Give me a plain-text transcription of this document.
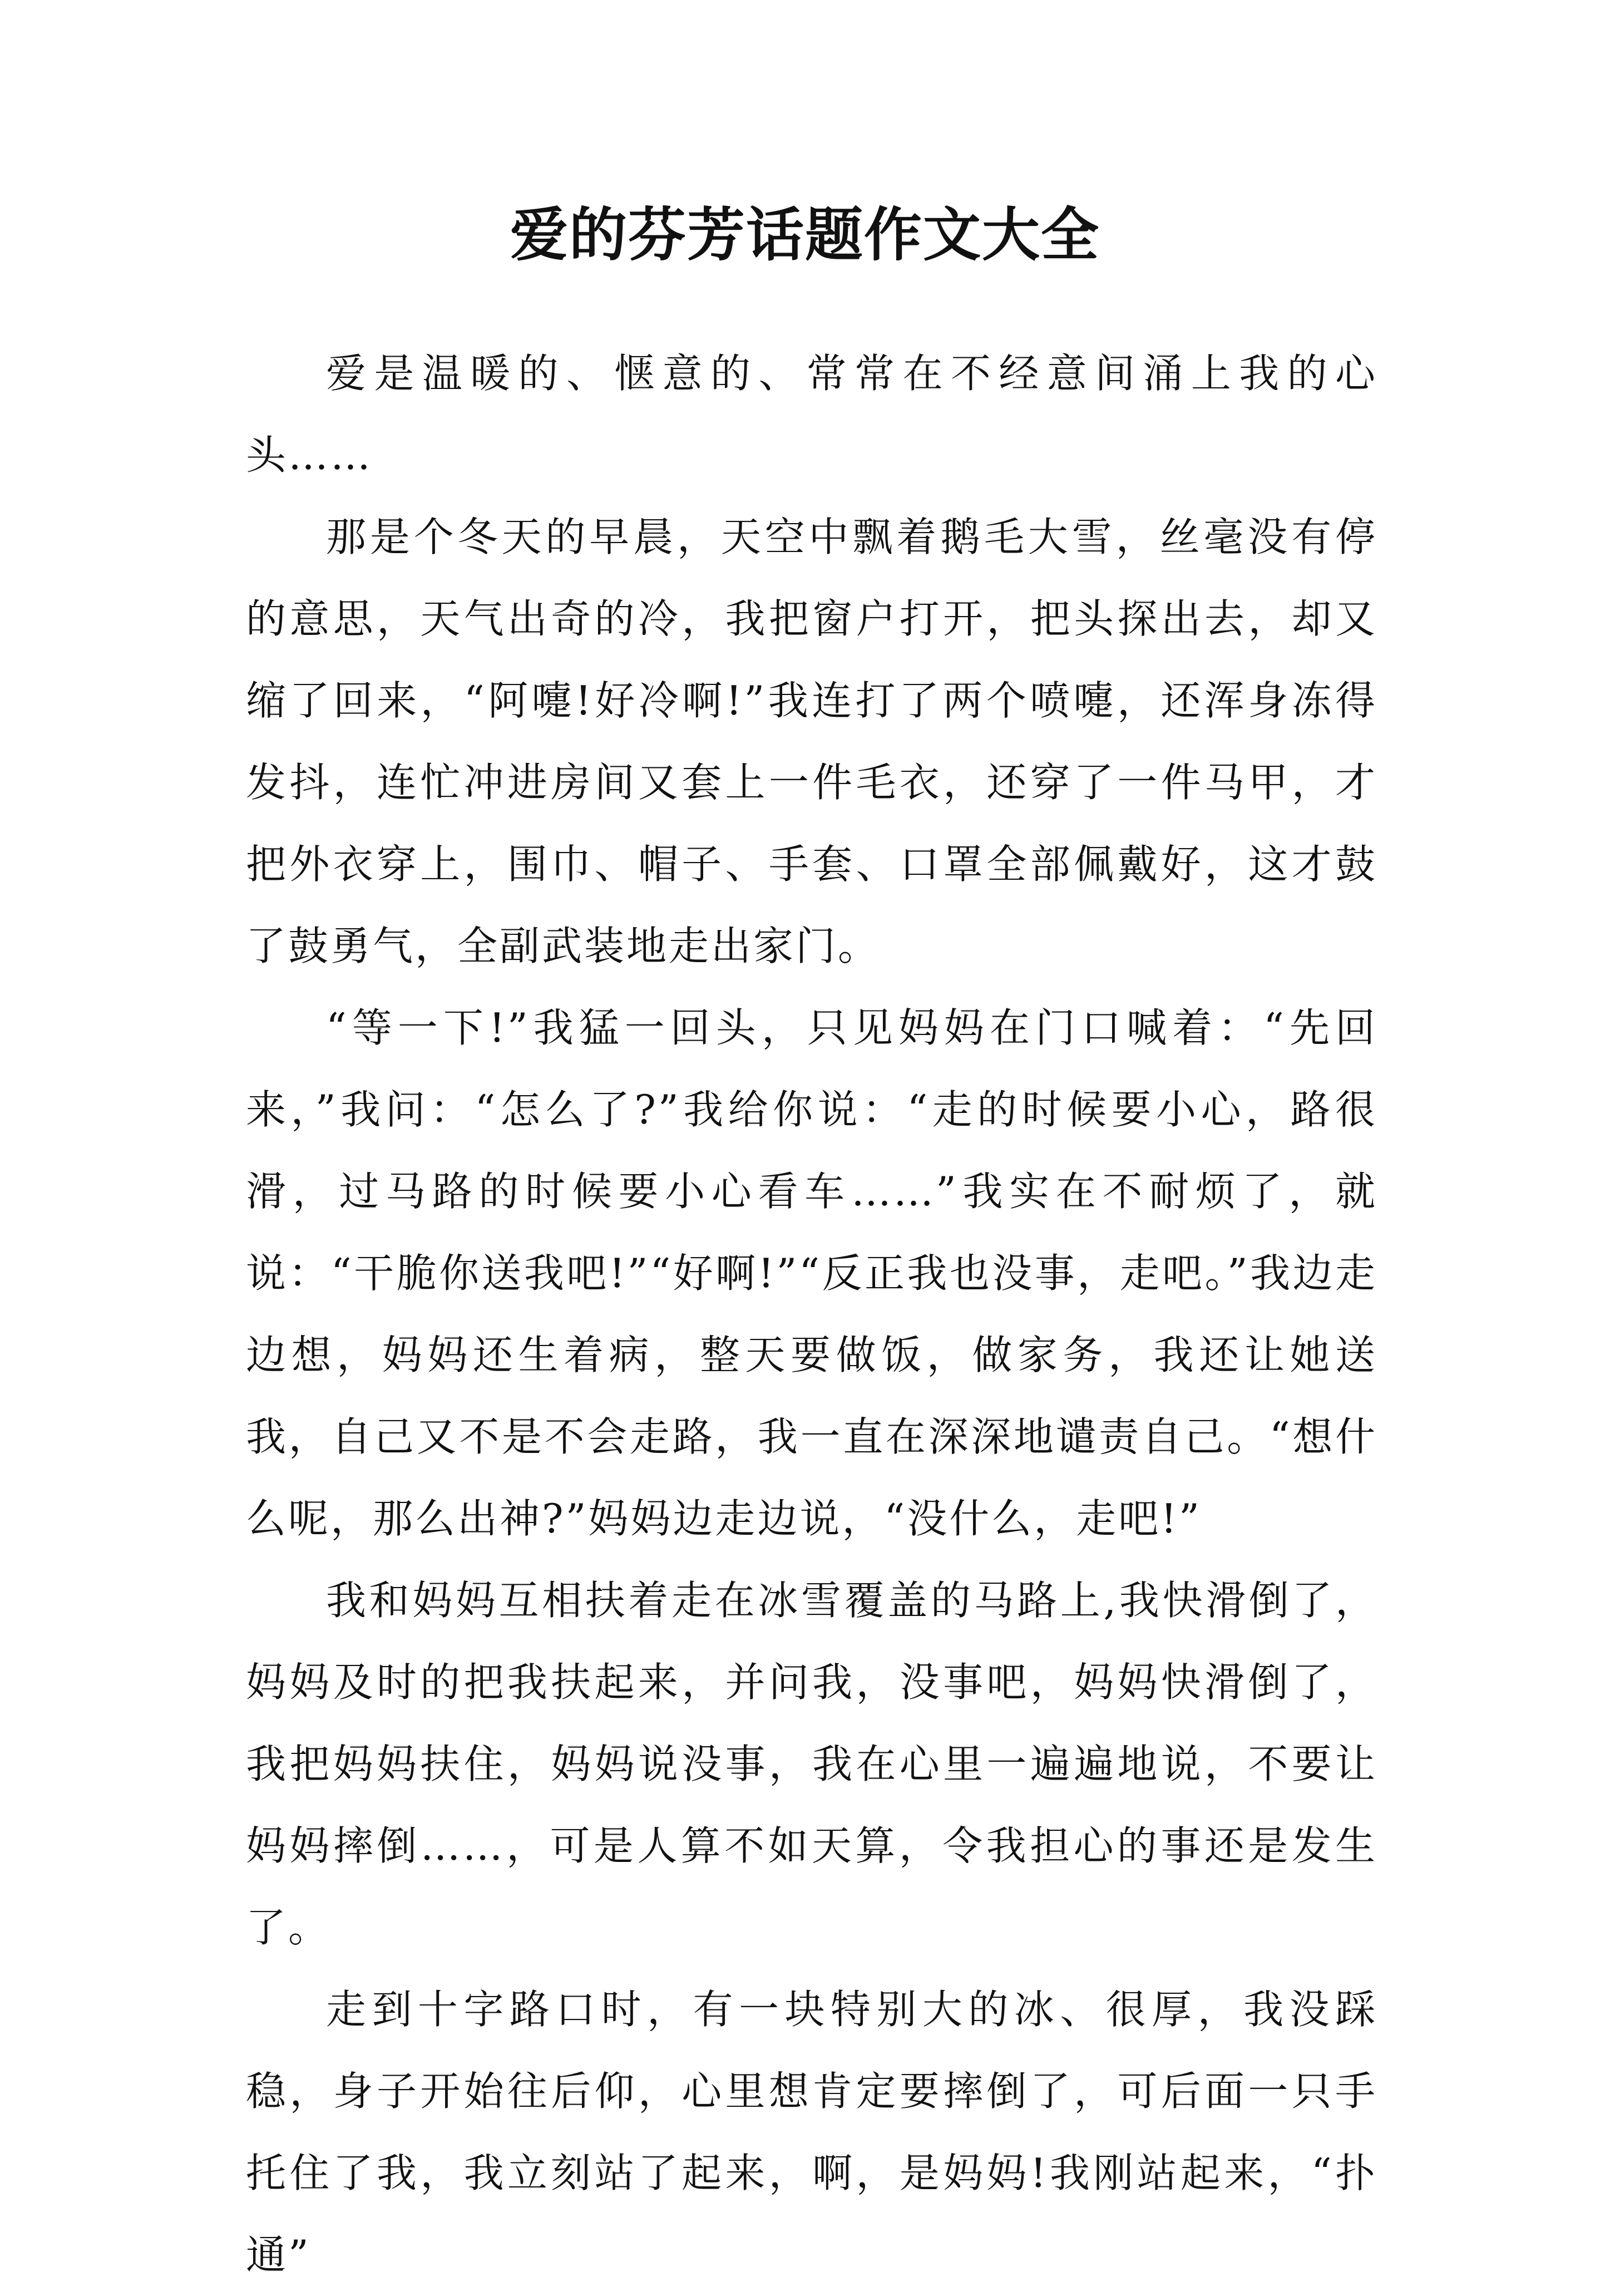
爱的芬芳话题作文大全

爱是温暖的、惬意的、常常在不经意间涌上我的心头……

那是个冬天的早晨，天空中飘着鹅毛大雪，丝毫没有停的意思，天气出奇的冷，我把窗户打开，把头探出去，却又缩了回来，“阿嚏!好冷啊!”我连打了两个喷嚏，还浑身冻得发抖，连忙冲进房间又套上一件毛衣，还穿了一件马甲，才把外衣穿上，围巾、帽子、手套、口罩全部佩戴好，这才鼓了鼓勇气，全副武装地走出家门。

“等一下!”我猛一回头，只见妈妈在门口喊着：“先回来，”我问：“怎么了?”我给你说：“走的时候要小心，路很滑，过马路的时候要小心看车……”我实在不耐烦了，就说：“干脆你送我吧!”“好啊!”“反正我也没事，走吧。”我边走边想，妈妈还生着病，整天要做饭，做家务，我还让她送我，自己又不是不会走路，我一直在深深地谴责自己。“想什么呢，那么出神?”妈妈边走边说，“没什么，走吧!”

我和妈妈互相扶着走在冰雪覆盖的马路上,我快滑倒了，妈妈及时的把我扶起来，并问我，没事吧，妈妈快滑倒了，我把妈妈扶住，妈妈说没事，我在心里一遍遍地说，不要让妈妈摔倒……，可是人算不如天算，令我担心的事还是发生了。

走到十字路口时，有一块特别大的冰、很厚，我没踩稳，身子开始往后仰，心里想肯定要摔倒了，可后面一只手托住了我，我立刻站了起来，啊，是妈妈!我刚站起来，“扑通”
